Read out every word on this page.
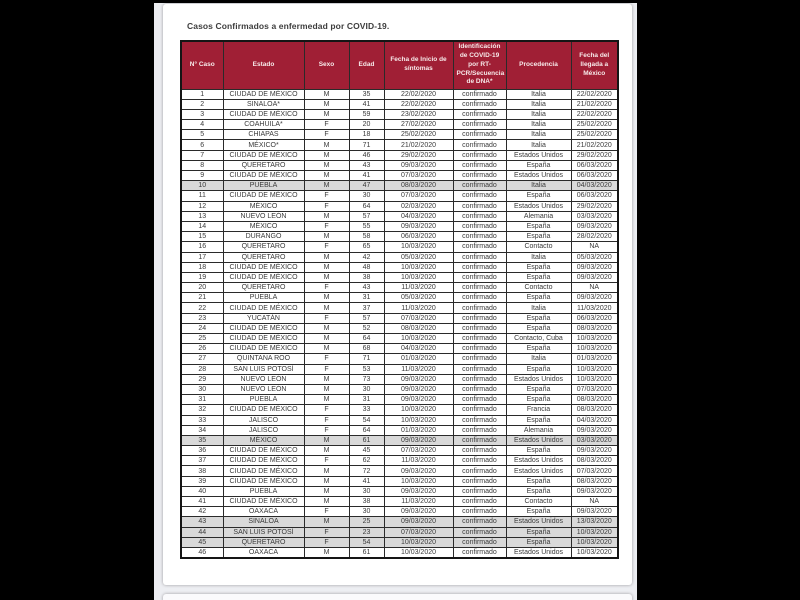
Casos Confirmados a enfermedad por COVID-19.
N° Caso	Estado	Sexo	Edad	Fecha de Inicio de síntomas	Identificación de COVID-19 por RT-PCR/Secuencia de DNA*	Procedencia	Fecha del llegada a México
1	CIUDAD DE MÉXICO	M	35	22/02/2020	confirmado	Italia	22/02/2020
2	SINALOA*	M	41	22/02/2020	confirmado	Italia	21/02/2020
3	CIUDAD DE MÉXICO	M	59	23/02/2020	confirmado	Italia	22/02/2020
4	COAHUILA*	F	20	27/02/2020	confirmado	Italia	25/02/2020
5	CHIAPAS	F	18	25/02/2020	confirmado	Italia	25/02/2020
6	MÉXICO*	M	71	21/02/2020	confirmado	Italia	21/02/2020
7	CIUDAD DE MÉXICO	M	46	29/02/2020	confirmado	Estados Unidos	29/02/2020
8	QUERETARO	M	43	09/03/2020	confirmado	España	06/03/2020
9	CIUDAD DE MÉXICO	M	41	07/03/2020	confirmado	Estados Unidos	06/03/2020
10	PUEBLA	M	47	08/03/2020	confirmado	Italia	04/03/2020
11	CIUDAD DE MÉXICO	F	30	07/03/2020	confirmado	España	06/03/2020
12	MÉXICO	F	64	02/03/2020	confirmado	Estados Unidos	29/02/2020
13	NUEVO LEÓN	M	57	04/03/2020	confirmado	Alemania	03/03/2020
14	MÉXICO	F	55	09/03/2020	confirmado	España	09/03/2020
15	DURANGO	M	58	06/03/2020	confirmado	España	28/02/2020
16	QUERETARO	F	65	10/03/2020	confirmado	Contacto	NA
17	QUERETARO	M	42	05/03/2020	confirmado	Italia	05/03/2020
18	CIUDAD DE MÉXICO	M	48	10/03/2020	confirmado	España	09/03/2020
19	CIUDAD DE MÉXICO	M	38	10/03/2020	confirmado	España	09/03/2020
20	QUERETARO	F	43	11/03/2020	confirmado	Contacto	NA
21	PUEBLA	M	31	05/03/2020	confirmado	España	09/03/2020
22	CIUDAD DE MÉXICO	M	37	11/03/2020	confirmado	Italia	11/03/2020
23	YUCATÁN	F	57	07/03/2020	confirmado	España	06/03/2020
24	CIUDAD DE MÉXICO	M	52	08/03/2020	confirmado	España	08/03/2020
25	CIUDAD DE MÉXICO	M	64	10/03/2020	confirmado	Contacto, Cuba	10/03/2020
26	CIUDAD DE MÉXICO	M	68	04/03/2020	confirmado	España	10/03/2020
27	QUINTANA ROO	F	71	01/03/2020	confirmado	Italia	01/03/2020
28	SAN LUIS POTOSÍ	F	53	11/03/2020	confirmado	España	10/03/2020
29	NUEVO LEÓN	M	73	09/03/2020	confirmado	Estados Unidos	10/03/2020
30	NUEVO LEÓN	M	30	09/03/2020	confirmado	España	07/03/2020
31	PUEBLA	M	31	09/03/2020	confirmado	España	08/03/2020
32	CIUDAD DE MÉXICO	F	33	10/03/2020	confirmado	Francia	08/03/2020
33	JALISCO	F	54	10/03/2020	confirmado	España	04/03/2020
34	JALISCO	F	64	01/03/2020	confirmado	Alemania	09/03/2020
35	MÉXICO	M	61	09/03/2020	confirmado	Estados Unidos	03/03/2020
36	CIUDAD DE MÉXICO	M	45	07/03/2020	confirmado	España	09/03/2020
37	CIUDAD DE MÉXICO	F	62	11/03/2020	confirmado	Estados Unidos	08/03/2020
38	CIUDAD DE MÉXICO	M	72	09/03/2020	confirmado	Estados Unidos	07/03/2020
39	CIUDAD DE MÉXICO	M	41	10/03/2020	confirmado	España	08/03/2020
40	PUEBLA	M	30	09/03/2020	confirmado	España	09/03/2020
41	CIUDAD DE MÉXICO	M	38	11/03/2020	confirmado	Contacto	NA
42	OAXACA	F	30	09/03/2020	confirmado	España	09/03/2020
43	SINALOA	M	25	09/03/2020	confirmado	Estados Unidos	13/03/2020
44	SAN LUIS POTOSÍ	F	23	07/03/2020	confirmado	España	10/03/2020
45	QUERETARO	F	54	10/03/2020	confirmado	España	10/03/2020
46	OAXACA	M	61	10/03/2020	confirmado	Estados Unidos	10/03/2020
